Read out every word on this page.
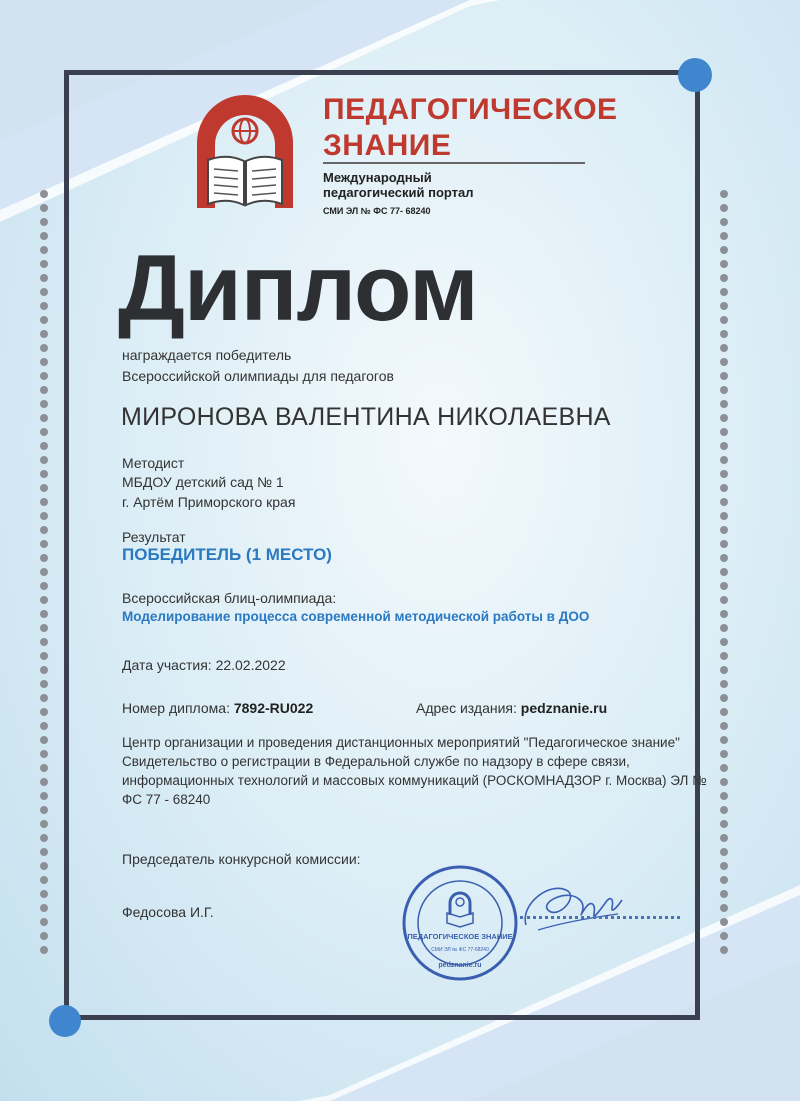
ПЕДАГОГИЧЕСКОЕ ЗНАНИЕ
Международный
педагогический портал
СМИ ЭЛ № ФС 77- 68240
Диплом
награждается победитель
Всероссийской олимпиады для педагогов
МИРОНОВА ВАЛЕНТИНА НИКОЛАЕВНА
Методист
МБДОУ детский сад № 1
г. Артём Приморского края
Результат
ПОБЕДИТЕЛЬ (1 МЕСТО)
Всероссийская блиц-олимпиада:
Моделирование процесса современной методической работы в ДОО
Дата участия: 22.02.2022
Номер диплома: 7892-RU022	Адрес издания: pedznanie.ru
Центр организации и проведения дистанционных мероприятий "Педагогическое знание"
Свидетельство о регистрации в Федеральной службе по надзору в сфере связи,
информационных технологий и массовых коммуникаций (РОСКОМНАДЗОР г. Москва) ЭЛ №
ФС 77 - 68240
Председатель конкурсной комиссии:
Федосова И.Г.
ПЕДАГОГИЧЕСКОЕ ЗНАНИЕ
СМИ ЭЛ № ФС 77-68240
pedznanie.ru
